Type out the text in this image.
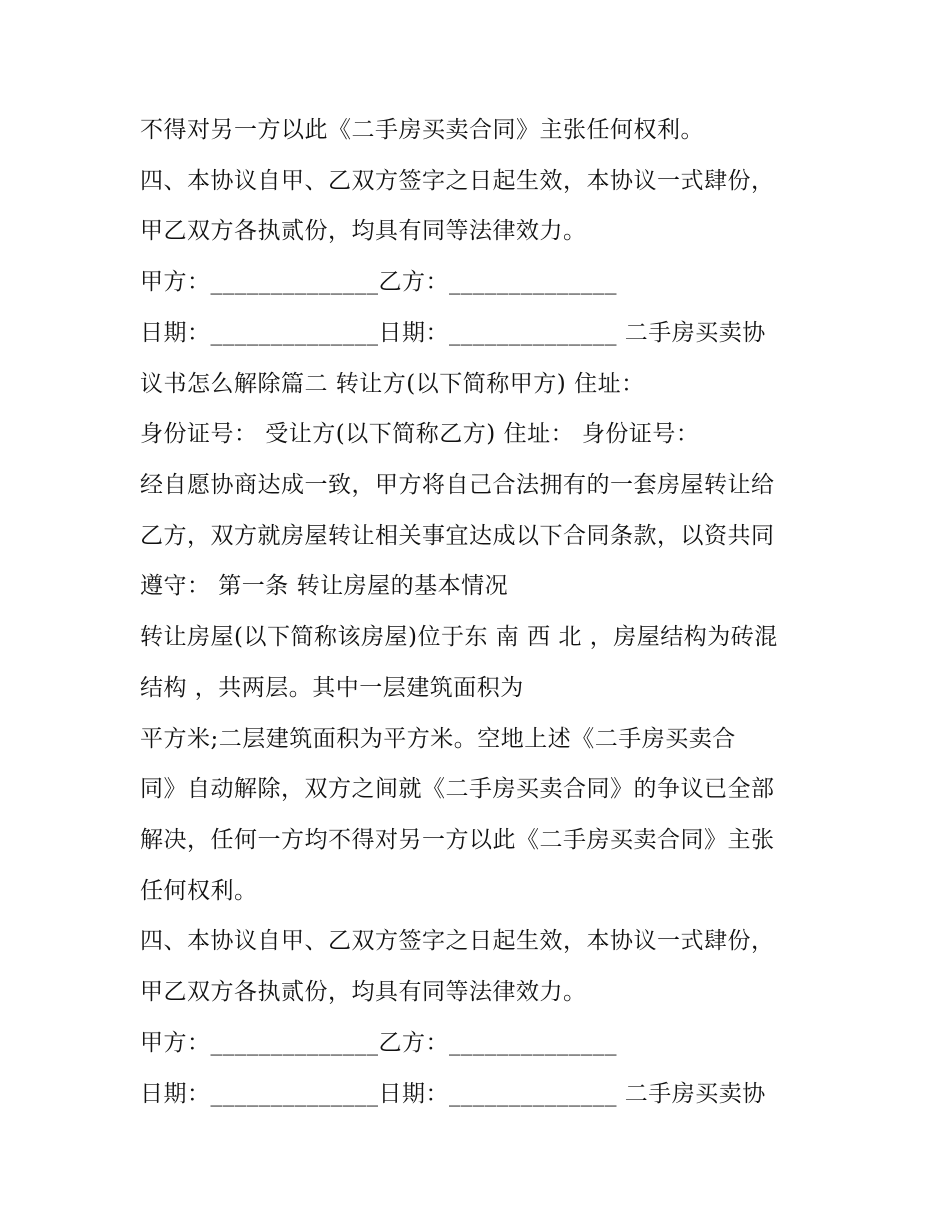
不得对另一方以此《二手房买卖合同》主张任何权利。
四、本协议自甲、乙双方签字之日起生效，本协议一式肆份，
甲乙双方各执贰份，均具有同等法律效力。
甲方：______________乙方：______________
日期：______________日期：______________ 二手房买卖协
议书怎么解除篇二 转让方(以下简称甲方) 住址：
身份证号： 受让方(以下简称乙方) 住址： 身份证号：
经自愿协商达成一致，甲方将自己合法拥有的一套房屋转让给
乙方，双方就房屋转让相关事宜达成以下合同条款，以资共同
遵守： 第一条 转让房屋的基本情况
转让房屋(以下简称该房屋)位于东 南 西 北 ，房屋结构为砖混
结构 ，共两层。其中一层建筑面积为
平方米;二层建筑面积为平方米。空地上述《二手房买卖合
同》自动解除，双方之间就《二手房买卖合同》的争议已全部
解决，任何一方均不得对另一方以此《二手房买卖合同》主张
任何权利。
四、本协议自甲、乙双方签字之日起生效，本协议一式肆份，
甲乙双方各执贰份，均具有同等法律效力。
甲方：______________乙方：______________
日期：______________日期：______________ 二手房买卖协
